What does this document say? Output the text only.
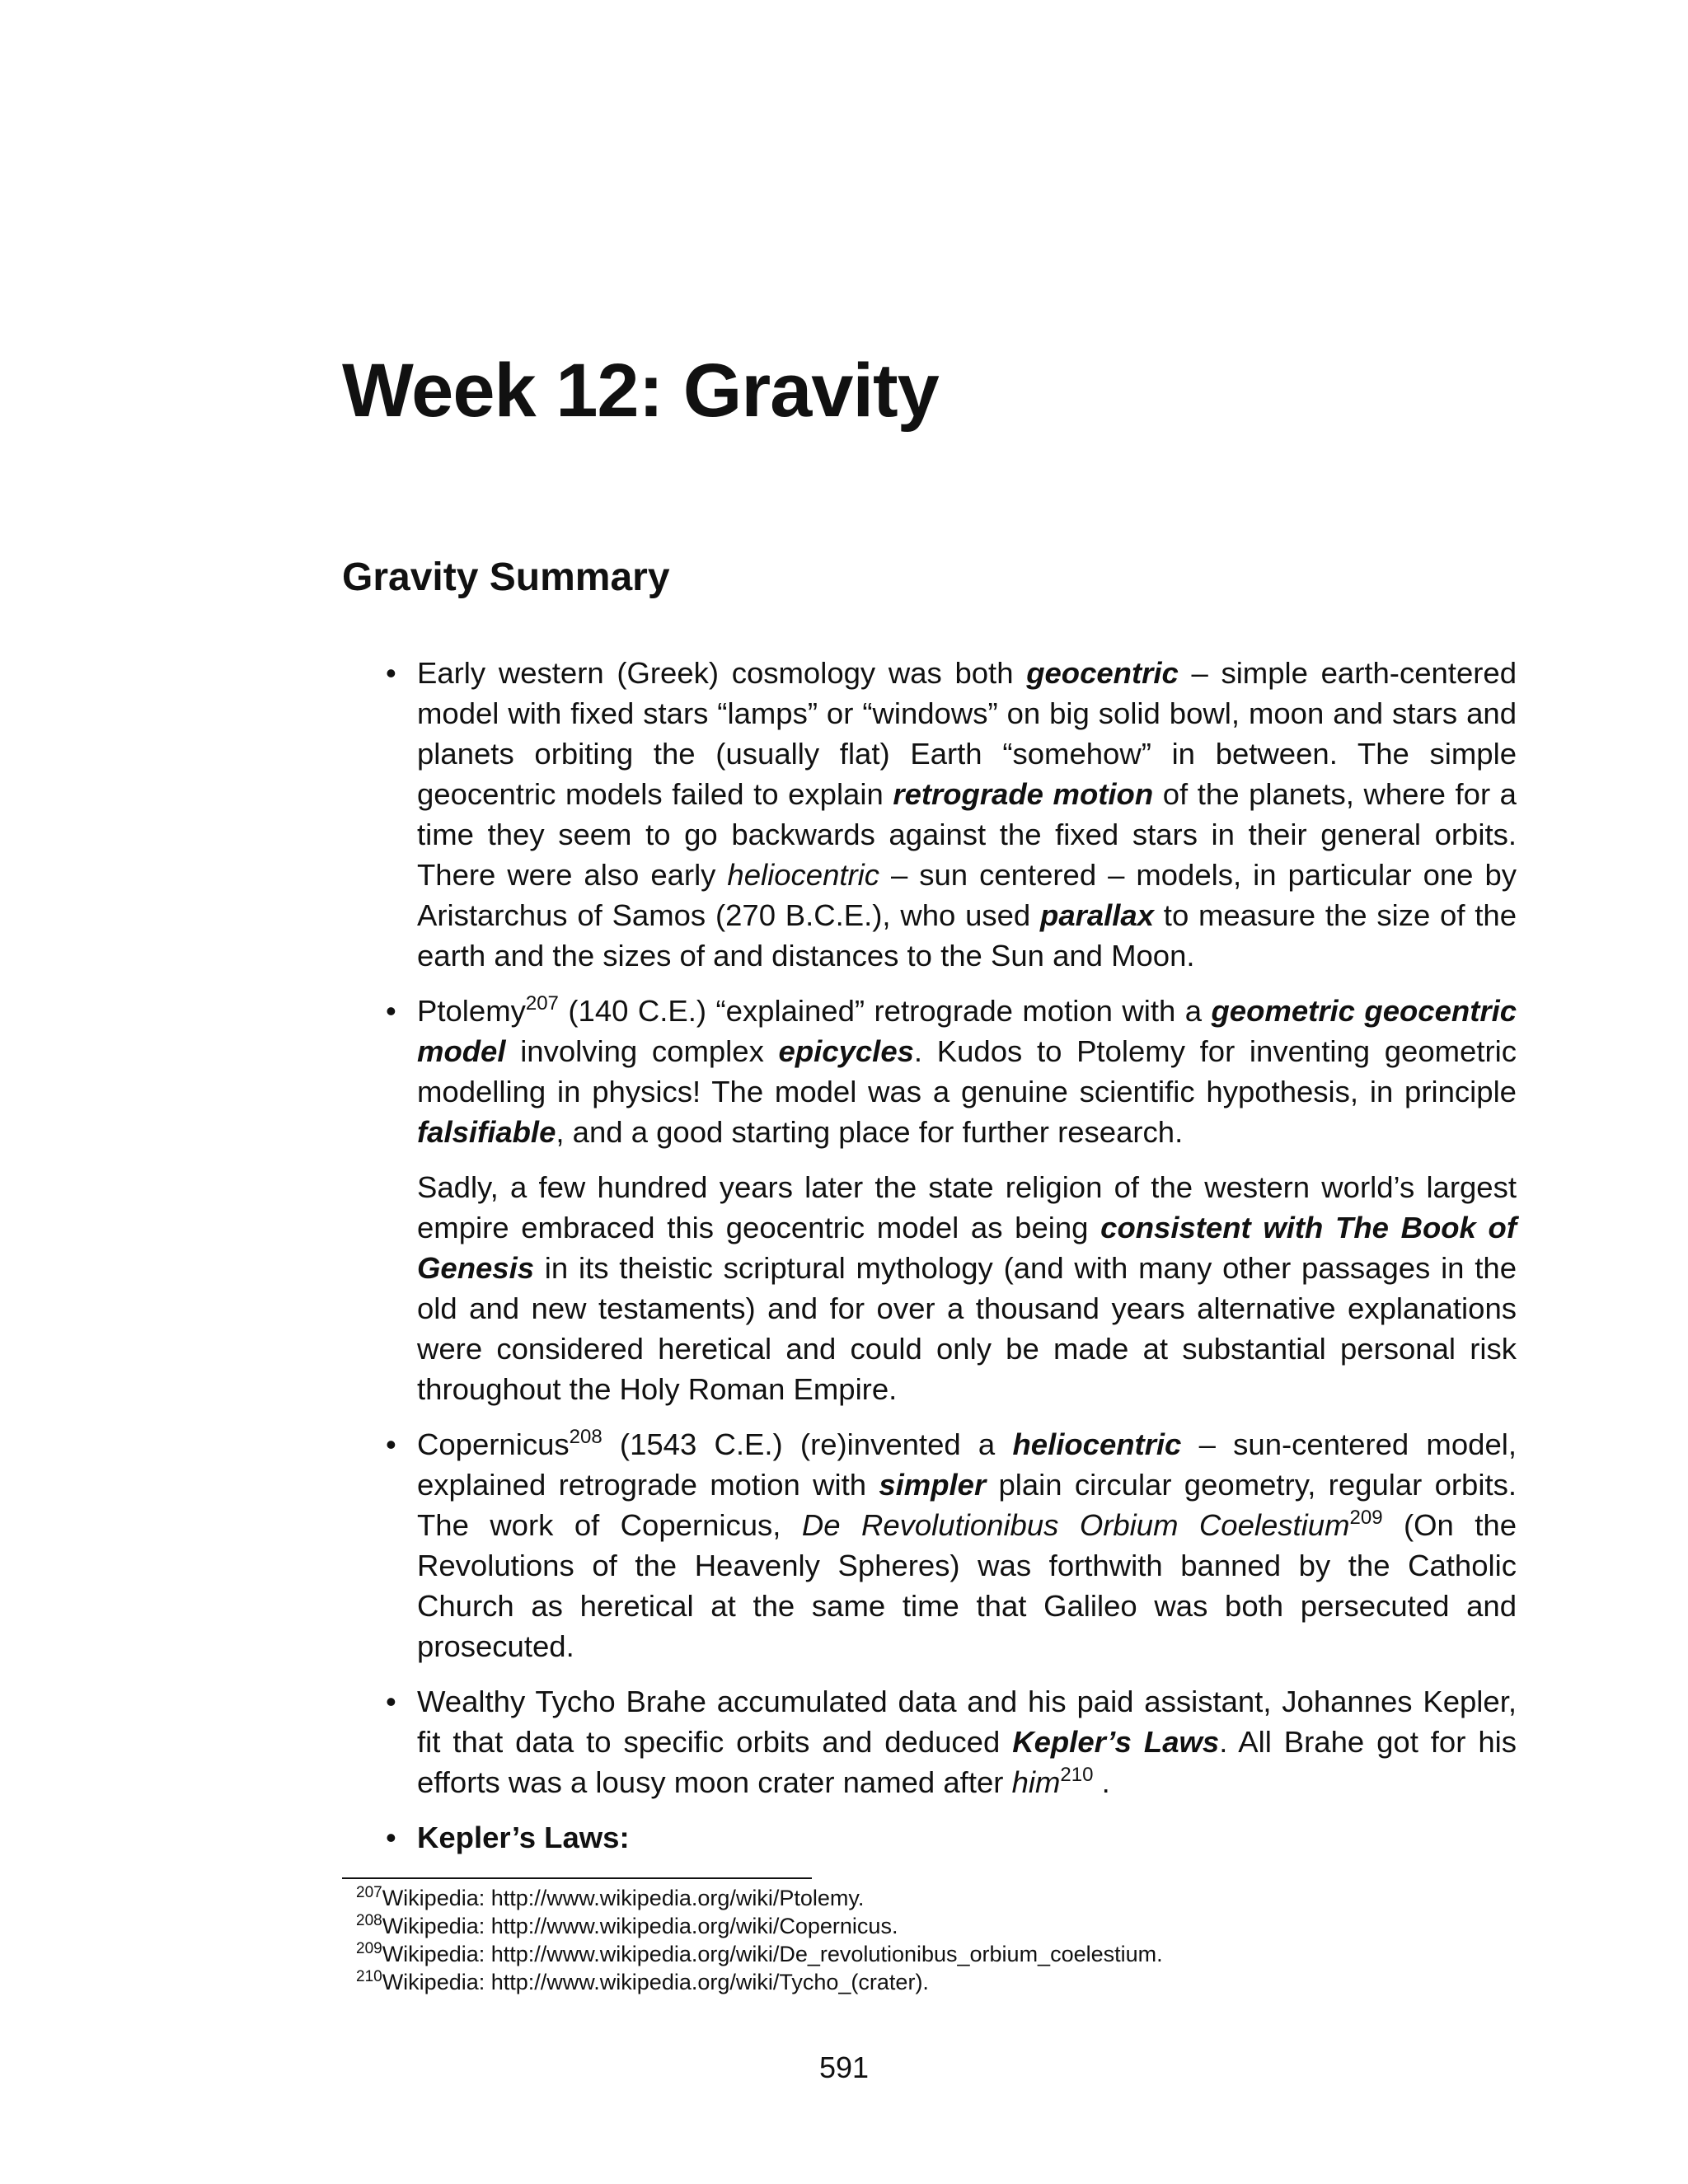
Week 12: Gravity
Gravity Summary
• Early western (Greek) cosmology was both geocentric – simple earth-centered model with fixed stars “lamps” or “windows” on big solid bowl, moon and stars and planets orbiting the (usually flat) Earth “somehow” in between. The simple geocentric models failed to explain retrograde motion of the planets, where for a time they seem to go backwards against the fixed stars in their general orbits. There were also early heliocentric – sun centered – models, in particular one by Aristarchus of Samos (270 B.C.E.), who used parallax to measure the size of the earth and the sizes of and distances to the Sun and Moon.

• Ptolemy$^{207}$ (140 C.E.) “explained” retrograde motion with a geometric geocentric model involving complex epicycles. Kudos to Ptolemy for inventing geometric modelling in physics! The model was a genuine scientific hypothesis, in principle falsifiable, and a good starting place for further research.

Sadly, a few hundred years later the state religion of the western world’s largest empire embraced this geocentric model as being consistent with The Book of Genesis in its theistic scriptural mythology (and with many other passages in the old and new testaments) and for over a thousand years alternative explanations were considered heretical and could only be made at substantial personal risk throughout the Holy Roman Empire.

• Copernicus$^{208}$ (1543 C.E.) (re)invented a heliocentric – sun-centered model, explained retrograde motion with simpler plain circular geometry, regular orbits. The work of Copernicus, De Revolutionibus Orbium Coelestium$^{209}$ (On the Revolutions of the Heavenly Spheres) was forthwith banned by the Catholic Church as heretical at the same time that Galileo was both persecuted and prosecuted.

• Wealthy Tycho Brahe accumulated data and his paid assistant, Johannes Kepler, fit that data to specific orbits and deduced Kepler’s Laws. All Brahe got for his efforts was a lousy moon crater named after him$^{210}$ .

• Kepler’s Laws:

$^{207}$Wikipedia: http://www.wikipedia.org/wiki/Ptolemy.
$^{208}$Wikipedia: http://www.wikipedia.org/wiki/Copernicus.
$^{209}$Wikipedia: http://www.wikipedia.org/wiki/De_revolutionibus_orbium_coelestium.
$^{210}$Wikipedia: http://www.wikipedia.org/wiki/Tycho_(crater).
591
